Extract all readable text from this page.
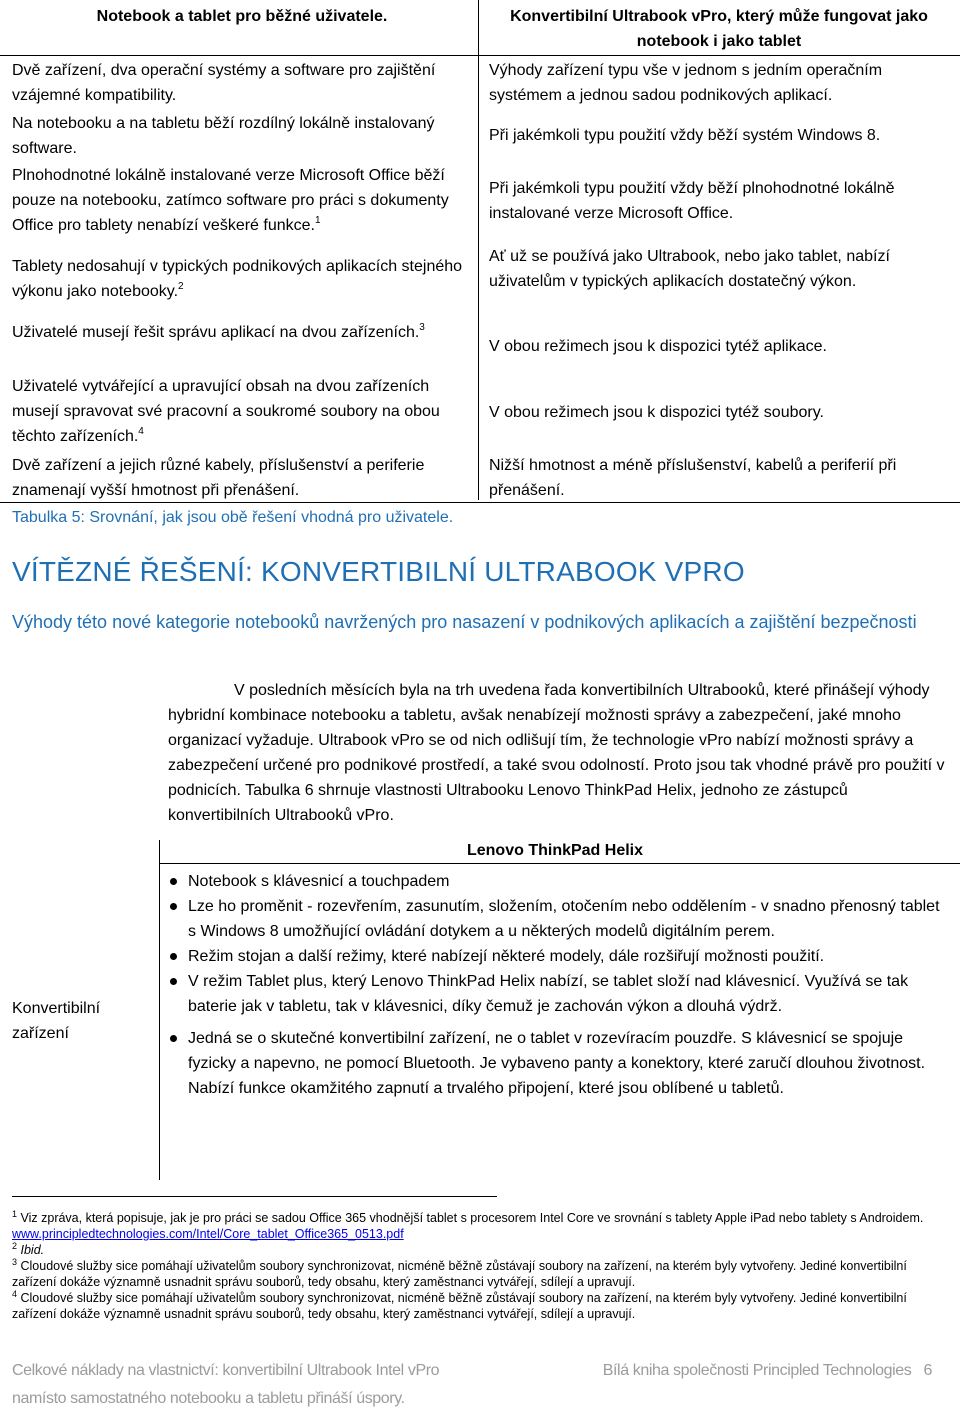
Notebook a tablet pro běžné uživatele.	Konvertibilní Ultrabook vPro, který může fungovat jako notebook i jako tablet
Dvě zařízení, dva operační systémy a software pro zajištění vzájemné kompatibility.
Výhody zařízení typu vše v jednom s jedním operačním systémem a jednou sadou podnikových aplikací.
Na notebooku a na tabletu běží rozdílný lokálně instalovaný software.
Při jakémkoli typu použití vždy běží systém Windows 8.
Plnohodnotné lokálně instalované verze Microsoft Office běží pouze na notebooku, zatímco software pro práci s dokumenty Office pro tablety nenabízí veškeré funkce.$^1$
Při jakémkoli typu použití vždy běží plnohodnotné lokálně instalované verze Microsoft Office.
Tablety nedosahují v typických podnikových aplikacích stejného výkonu jako notebooky.$^2$
Ať už se používá jako Ultrabook, nebo jako tablet, nabízí uživatelům v typických aplikacích dostatečný výkon.
Uživatelé musejí řešit správu aplikací na dvou zařízeních.$^3$
V obou režimech jsou k dispozici tytéž aplikace.
Uživatelé vytvářející a upravující obsah na dvou zařízeních musejí spravovat své pracovní a soukromé soubory na obou těchto zařízeních.$^4$
V obou režimech jsou k dispozici tytéž soubory.
Dvě zařízení a jejich různé kabely, příslušenství a periferie znamenají vyšší hmotnost při přenášení.
Nižší hmotnost a méně příslušenství, kabelů a periferií při přenášení.
Tabulka 5: Srovnání, jak jsou obě řešení vhodná pro uživatele.
VÍTĚZNÉ ŘEŠENÍ: KONVERTIBILNÍ ULTRABOOK VPRO
Výhody této nové kategorie notebooků navržených pro nasazení v podnikových aplikacích a zajištění bezpečnosti
V posledních měsících byla na trh uvedena řada konvertibilních Ultrabooků, které přinášejí výhody hybridní kombinace notebooku a tabletu, avšak nenabízejí možnosti správy a zabezpečení, jaké mnoho organizací vyžaduje. Ultrabook vPro se od nich odlišují tím, že technologie vPro nabízí možnosti správy a zabezpečení určené pro podnikové prostředí, a také svou odolností. Proto jsou tak vhodné právě pro použití v podnicích. Tabulka 6 shrnuje vlastnosti Ultrabooku Lenovo ThinkPad Helix, jednoho ze zástupců konvertibilních Ultrabooků vPro.
Lenovo ThinkPad Helix
Konvertibilní zařízení
Notebook s klávesnicí a touchpadem
Lze ho proměnit - rozevřením, zasunutím, složením, otočením nebo oddělením - v snadno přenosný tablet s Windows 8 umožňující ovládání dotykem a u některých modelů digitálním perem.
Režim stojan a další režimy, které nabízejí některé modely, dále rozšiřují možnosti použití.
V režim Tablet plus, který Lenovo ThinkPad Helix nabízí, se tablet složí nad klávesnicí. Využívá se tak baterie jak v tabletu, tak v klávesnici, díky čemuž je zachován výkon a dlouhá výdrž.
Jedná se o skutečné konvertibilní zařízení, ne o tablet v rozevíracím pouzdře. S klávesnicí se spojuje fyzicky a napevno, ne pomocí Bluetooth. Je vybaveno panty a konektory, které zaručí dlouhou životnost. Nabízí funkce okamžitého zapnutí a trvalého připojení, které jsou oblíbené u tabletů.

$^1$ Viz zpráva, která popisuje, jak je pro práci se sadou Office 365 vhodnější tablet s procesorem Intel Core ve srovnání s tablety Apple iPad nebo tablety s Androidem. www.principledtechnologies.com/Intel/Core_tablet_Office365_0513.pdf

$^2$ Ibid.

$^3$ Cloudové služby sice pomáhají uživatelům soubory synchronizovat, nicméně běžně zůstávají soubory na zařízení, na kterém byly vytvořeny. Jediné konvertibilní zařízení dokáže významně usnadnit správu souborů, tedy obsahu, který zaměstnanci vytvářejí, sdílejí a upravují.

$^4$ Cloudové služby sice pomáhají uživatelům soubory synchronizovat, nicméně běžně zůstávají soubory na zařízení, na kterém byly vytvořeny. Jediné konvertibilní zařízení dokáže významně usnadnit správu souborů, tedy obsahu, který zaměstnanci vytvářejí, sdílejí a upravují.

Celkové náklady na vlastnictví: konvertibilní Ultrabook Intel vPro	Bílá kniha společnosti Principled Technologies 6
namísto samostatného notebooku a tabletu přináší úspory.
